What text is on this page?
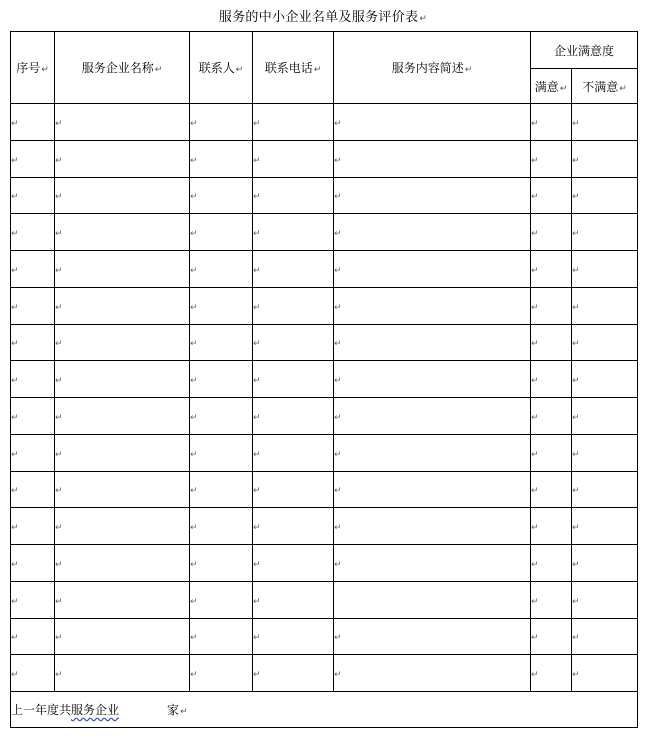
服务的中小企业名单及服务评价表↵
序号↵	服务企业名称↵	联系人↵	联系电话↵	服务内容简述↵	企业满意度	
					满意↵	不满意↵
↵	↵	↵	↵	↵	↵	↵
↵	↵	↵	↵	↵	↵	↵
↵	↵	↵	↵	↵	↵	↵
↵	↵	↵	↵	↵	↵	↵
↵	↵	↵	↵	↵	↵	↵
↵	↵	↵	↵	↵	↵	↵
↵	↵	↵	↵	↵	↵	↵
↵	↵	↵	↵	↵	↵	↵
↵	↵	↵	↵	↵	↵	↵
↵	↵	↵	↵	↵	↵	↵
↵	↵	↵	↵	↵	↵	↵
↵	↵	↵	↵	↵	↵	↵
↵	↵	↵	↵	↵	↵	↵
↵	↵	↵	↵		↵	↵
↵	↵	↵	↵	↵	↵	↵
↵	↵	↵	↵	↵	↵	↵
上一年度共服务企业 家↵						
